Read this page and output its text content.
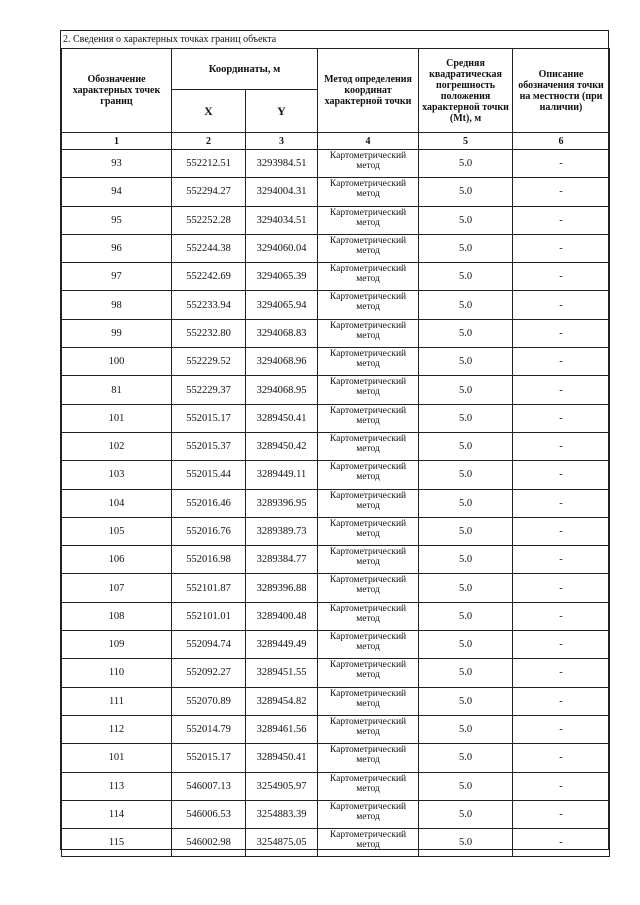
2. Сведения о характерных точках границ объекта
Обозначение характерных точек границ	Координаты, м		Метод определения координат характерной точки	Средняя квадратическая погрешность положения характерной точки (Mt), м	Описание обозначения точки на местности (при наличии)
	X	Y			
1	2	3	4	5	6
93	552212.51	3293984.51	Картометрический метод	5.0	-
94	552294.27	3294004.31	Картометрический метод	5.0	-
95	552252.28	3294034.51	Картометрический метод	5.0	-
96	552244.38	3294060.04	Картометрический метод	5.0	-
97	552242.69	3294065.39	Картометрический метод	5.0	-
98	552233.94	3294065.94	Картометрический метод	5.0	-
99	552232.80	3294068.83	Картометрический метод	5.0	-
100	552229.52	3294068.96	Картометрический метод	5.0	-
81	552229.37	3294068.95	Картометрический метод	5.0	-
101	552015.17	3289450.41	Картометрический метод	5.0	-
102	552015.37	3289450.42	Картометрический метод	5.0	-
103	552015.44	3289449.11	Картометрический метод	5.0	-
104	552016.46	3289396.95	Картометрический метод	5.0	-
105	552016.76	3289389.73	Картометрический метод	5.0	-
106	552016.98	3289384.77	Картометрический метод	5.0	-
107	552101.87	3289396.88	Картометрический метод	5.0	-
108	552101.01	3289400.48	Картометрический метод	5.0	-
109	552094.74	3289449.49	Картометрический метод	5.0	-
110	552092.27	3289451.55	Картометрический метод	5.0	-
111	552070.89	3289454.82	Картометрический метод	5.0	-
112	552014.79	3289461.56	Картометрический метод	5.0	-
101	552015.17	3289450.41	Картометрический метод	5.0	-
113	546007.13	3254905.97	Картометрический метод	5.0	-
114	546006.53	3254883.39	Картометрический метод	5.0	-
115	546002.98	3254875.05	Картометрический метод	5.0	-
